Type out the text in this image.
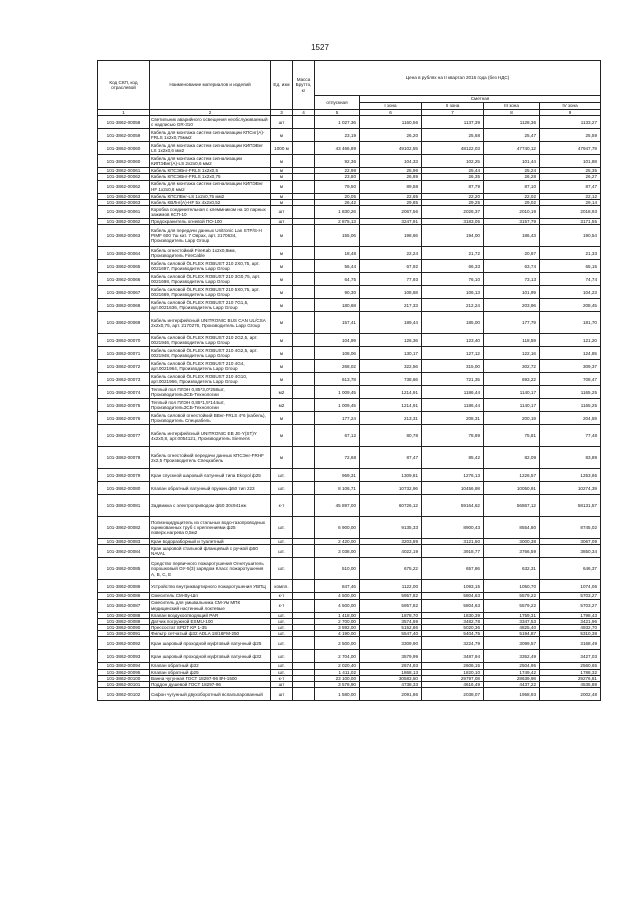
1527
Код СКП, код отраслевой	Наименование материалов и изделий	Ед. изм	Масса Брутто, кг	Цена в рублях на II квартал 2016 года (без НДС)				
				отпускная	Сметная			
					I зона	II зона	III зона	IV зона
1	2	3	4	5	6	7	8	9
101-3862-00058	Светильник аварийного освещения необслуживаемый с надписью GR-310	шт		1 027.36	1160,56	1137,39	1128,36	1133,27
101-3862-00059	Кабель для монтажа систем сигнализации КПСнг(А)-FRLS 1х2х0,75мм2	м		23,19	26,20	25,68	25,47	25,59
101-3862-00060	Кабель для монтажа систем сигнализации КИПЭВнг LS 1х2х0,6 мм2	1000 м		43 466,89	49102,55	48122,03	47740,12	47947,79
101-3862-00060	Кабель для монтажа систем сигнализации КИПЭВнг(А)-LS 2х2х0,6 мм2	м		92,36	104,33	102,25	101,44	101,88
101-3862-00061	Кабель КПСЭВнг-FRLS 1х2х0,5	м		22,98	25,96	25,44	25,24	25,35
101-3862-00062	Кабель КПСЭВнг-FRLS 1х2х0,75	м		23,80	26,89	26,35	26,28	26,27
101-3862-00062	Кабель для монтажа систем сигнализации КИПЭВнг HF 1х2х0,6 мм2	м		79,50	89,58	87,79	87,10	87,47
101-3862-00063	Кабель КПСЛВнг-LS 1х2х0,75 мм2	м		20,05	22,65	22,20	22,02	22,12
101-3862-00063	Кабель КВЛнг(А)-HF 5х 4х2х0,52	м		26,42	29,85	29,25	29,02	29,14
101-3862-00061	Коробка соединительная с клеммником на 10 парных зажимов КСП-10	шт		1 830,26	2067,56	2026,37	2010,19	2018,93
101-3862-00062	Предохранитель огневой ПО-100	шт		2 875,13	3247,91	3183,05	3157,79	3171,55
101-3862-00063	Кабель для передачи данных Unitronic Lan STP/S-H PIMF 600 7ш кат. 7 Оврах, арт. 2170634, Производитель Lapp Group	м		155,06	198,66	194,00	186,43	190,54
101-3862-00064	Кабель огнестойкий FireKab 1х2х0,8мм, Производитель FireCable	м		18,48	22,24	21,72	20,87	21,33
101-3862-00065	Кабель силовой ÖLFLEX ROBUST 210 2Х0,75, арт. 0021697, Производитель Lapp Group	м		56,44	67,92	66,33	63,74	65,15
101-3862-00066	Кабель силовой ÖLFLEX ROBUST 210 3G0,75, арт. 0021698, Производитель Lapp Group	м		64,75	77,93	76,10	73,13	74,74
101-3862-00067	Кабель силовой ÖLFLEX ROBUST 210 5Х0,75, арт. 0021669, Производитель Lapp Group	м		90,30	108,68	106,13	101,99	104,23
101-3862-00068	Кабель силовой ÖLFLEX ROBUST 210 7G1,5, арт.0021636, Производитель Lapp Group	м		180,68	217,33	212,24	203,96	208,45
101-3862-00069	Кабель интерфейсный UNITRONIC BUS CAN UL/CSA 2х2х0,75, арт. 2170276, Производитель Lapp Group	м		157,41	189,44	185,00	177,79	181,70
101-3862-00070	Кабель силовой ÖLFLEX ROBUST 210 2G2,5, арт. 0021946, Производитель Lapp Group	м		104,99	126,36	123,40	118,59	121,20
101-3862-00071	Кабель силовой ÖLFLEX ROBUST 210 4G2,5, арт. 0021948, Производитель Lapp Group	м		108,06	130,17	127,12	122,16	124,85
101-3862-00072	Кабель силовой ÖLFLEX ROBUST 210 4G4, арт.0021964, Производитель Lapp Group	м		268,02	322,56	315,00	302,72	309,37
101-3862-00073	Кабель силовой ÖLFLEX ROBUST 210 4G10, арт.0021966, Производитель Lapp Group	м		613,78	738,66	721,35	693,22	708,47
101-3862-00074	Теплый пол ПЛЭН 0,85*3,0*258шт, ПроизводительЗСБ-Технологии	м2		1 009,45	1214,91	1186,44	1140,17	1165,25
101-3862-00075	Теплый пол ПЛЭН 0,85*1,5*144шт, ПроизводительЗСБ-Технологии	м2		1 009,45	1214,91	1186,44	1140,17	1165,25
101-3862-00076	Кабель силовой огнестойкий ВВнг-FRLS 4*6 (кабель), Производитель Спецкабель	м		177,24	213,31	208,31	200,19	204,59
101-3862-00077	Кабель интерфейсный UNITRONIC EB JE-Y(ST)Y 4х2х0,8, арт.0054121, Производитель Siemens	м		67,12	80,78	78,89	75,81	77,48
101-3862-00078	Кабель огнестойкий передачи данных КПСЭнг-FRHF 2х2,5 Производитель Спецкабель	м		72,68	87,47	85,42	82,09	83,89
101-3862-00079	Кран спускной шаровый латунный типа Ekopol ф25	шт.		969,31	1309,81	1276,13	1226,57	1253,65
101-3862-00080	Клапан обратный латунный пружин.ф50 тип 223	шт.		8 106,71	10732,96	10456,98	10050,91	10274,39
101-3862-00081	Задвижка с электроприводом ф50 30с941нж	к-т		45 897,00	60726,12	59164,62	56867,12	58131,57
101-3862-00082	Полиэнцидущитель из стальных водо-газопроводных оцинкованных труб с креплениями ф25 поверх.нагрева 0,5м2	шт.		6 900,00	9135,33	8900,43	8554,80	8745,02
101-3862-00083	Кран водоразборный и туалетный	шт.		2 420,00	3203,89	3121,50	3000,38	3067,09
101-3862-00084	Кран шаровой стальной фланцевый с ручкой ф50 NAVAL	шт.		3 038,00	4022,19	3918,77	3766,59	3850,34
101-3862-00085	Средство первичного пожаротушения Огнетушитель порошковый ОУ-5(3) зарядом Класс пожаротушения А, В, С, Е	шт.		510,00	675,22	657,86	632,31	646,37
101-3862-00086	Устройство внутриквартирного пожаротушения УВПЦ	компл.		847,46	1122,00	1093,15	1050,70	1074,06
101-3862-00086	Смеситель СМ-Ву-Шп	к-т		4 500,00	5957,82	5804,63	5579,22	5703,27
101-3862-00087	Смеситель для умывальника СМ-Ум МПК медицинский настенный локтевые	к-т		4 500,00	5957,82	5804,63	5579,22	5703,27
101-3862-00088	Клапан воздухоотводящий PAR	шт.		1 418,00	1878,70	1830,39	1759,31	1798,43
101-3862-00089	Датчик погружной ESMU-100	шт.		2 700,00	3574,69	3482,78	3347,53	3421,96
101-3862-00090	Прессостат SPDT KP 1-35	шт.		3 892,00	5152,86	5020,36	4825,40	4932,70
101-3862-00091	Фильтр сетчатый ф32 ADLA 18/16FM-250	шт.		4 190,00	5547,40	5404,75	5194,87	5310,38
101-3862-00092	Кран шаровый проходной муфтовый латунный ф25	шт.		2 500,00	3309,90	3224,79	3099,57	3168,49
101-3862-00093	Кран шаровый проходной муфтовый латунный ф32	шт.		2 704,00	3579,99	3487,94	3352,49	3427,03
101-3862-00094	Клапан обратный ф32	шт.		2 020,40	2674,93	2606,15	2504,95	2560,65
101-3862-00095	Клапан обратный ф25	шт.		1 411,02	1868,13	1820,10	1749,42	1788,32
101-3862-00100	Ванна чугунная ГОСТ 18297-96 ВЧ-1500	к-т		23 100,00	30583,50	29797,08	28639,98	29276,81
101-3862-00101	Поддон душевой ГОСТ 18297-96	шт		3 578,90	4738,33	4616,49	4437,22	4535,88
101-3862-00102	Сифон чугунный двухоборотный вспальпарованный	шт		1 580,00	2091,86	2038,07	1958,93	2002,48
